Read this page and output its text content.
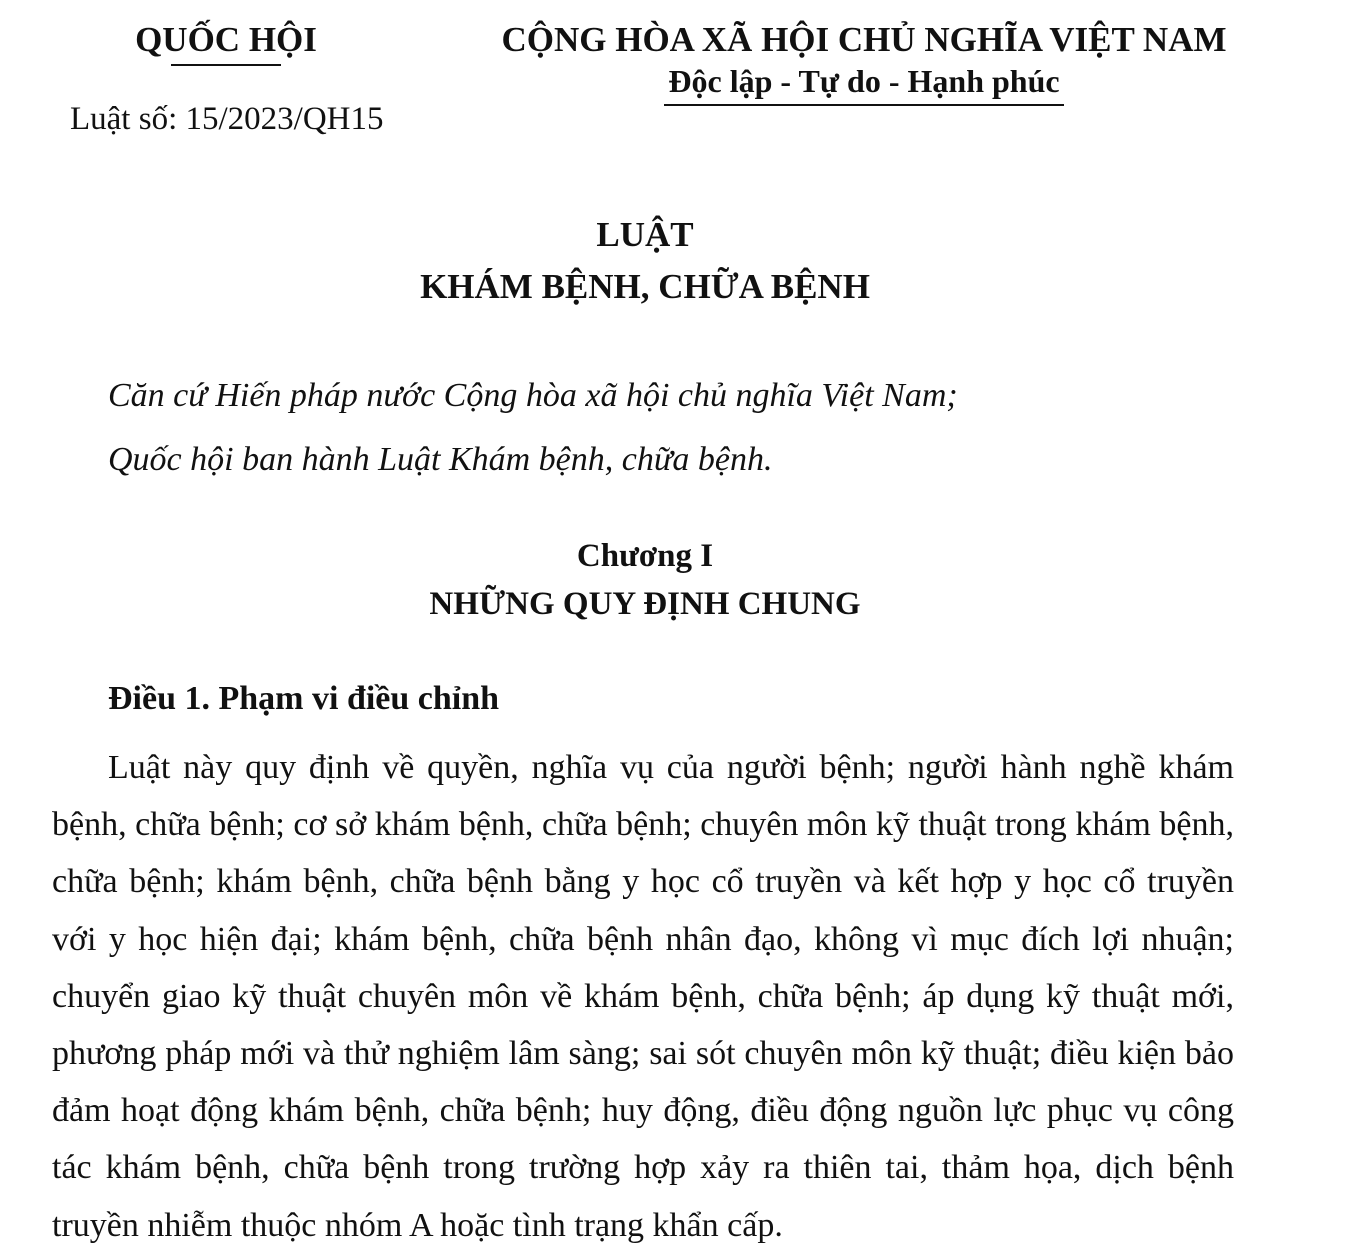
QUỐC HỘI
Luật số: 15/2023/QH15
CỘNG HÒA XÃ HỘI CHỦ NGHĨA VIỆT NAM
Độc lập - Tự do - Hạnh phúc
LUẬT
KHÁM BỆNH, CHỮA BỆNH
Căn cứ Hiến pháp nước Cộng hòa xã hội chủ nghĩa Việt Nam;
Quốc hội ban hành Luật Khám bệnh, chữa bệnh.
Chương I
NHỮNG QUY ĐỊNH CHUNG
Điều 1. Phạm vi điều chỉnh

Luật này quy định về quyền, nghĩa vụ của người bệnh; người hành nghề khám bệnh, chữa bệnh; cơ sở khám bệnh, chữa bệnh; chuyên môn kỹ thuật trong khám bệnh, chữa bệnh; khám bệnh, chữa bệnh bằng y học cổ truyền và kết hợp y học cổ truyền với y học hiện đại; khám bệnh, chữa bệnh nhân đạo, không vì mục đích lợi nhuận; chuyển giao kỹ thuật chuyên môn về khám bệnh, chữa bệnh; áp dụng kỹ thuật mới, phương pháp mới và thử nghiệm lâm sàng; sai sót chuyên môn kỹ thuật; điều kiện bảo đảm hoạt động khám bệnh, chữa bệnh; huy động, điều động nguồn lực phục vụ công tác khám bệnh, chữa bệnh trong trường hợp xảy ra thiên tai, thảm họa, dịch bệnh truyền nhiễm thuộc nhóm A hoặc tình trạng khẩn cấp.
